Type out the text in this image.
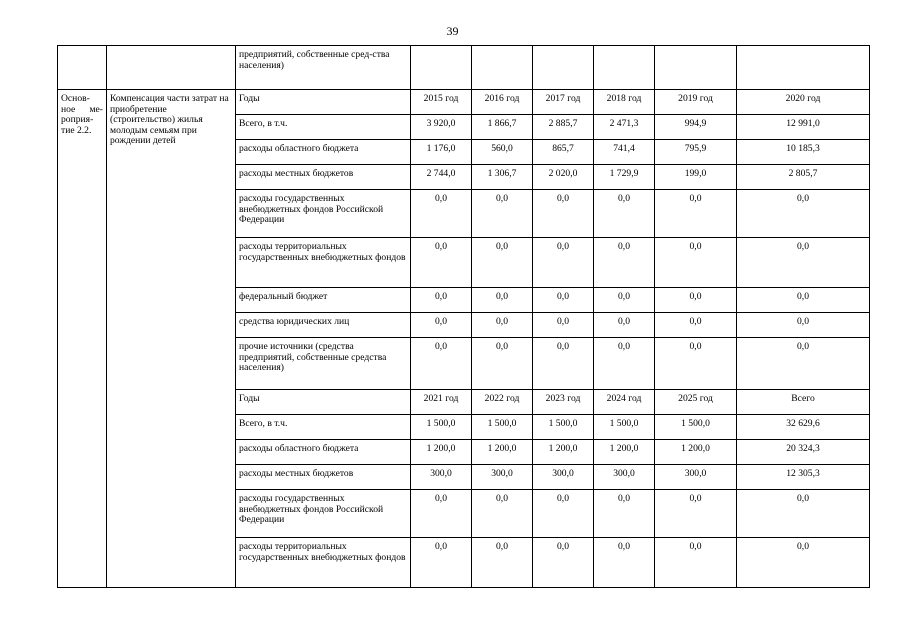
39
		предприятий, собственные сред-ства населения)						
Основ-ное ме-роприя-тие 2.2.	Компенсация части затрат на приобретение (строительство) жилья молодым семьям при рождении детей	Годы	2015 год	2016 год	2017 год	2018 год	2019 год	2020 год
		Всего, в т.ч.	3 920,0	1 866,7	2 885,7	2 471,3	994,9	12 991,0
		расходы областного бюджета	1 176,0	560,0	865,7	741,4	795,9	10 185,3
		расходы местных бюджетов	2 744,0	1 306,7	2 020,0	1 729,9	199,0	2 805,7
		расходы государственных внебюджетных фондов Российской Федерации	0,0	0,0	0,0	0,0	0,0	0,0
		расходы территориальных государственных внебюджетных фондов	0,0	0,0	0,0	0,0	0,0	0,0
		федеральный бюджет	0,0	0,0	0,0	0,0	0,0	0,0
		средства юридических лиц	0,0	0,0	0,0	0,0	0,0	0,0
		прочие источники (средства предприятий, собственные средства населения)	0,0	0,0	0,0	0,0	0,0	0,0
		Годы	2021 год	2022 год	2023 год	2024 год	2025 год	Всего
		Всего, в т.ч.	1 500,0	1 500,0	1 500,0	1 500,0	1 500,0	32 629,6
		расходы областного бюджета	1 200,0	1 200,0	1 200,0	1 200,0	1 200,0	20 324,3
		расходы местных бюджетов	300,0	300,0	300,0	300,0	300,0	12 305,3
		расходы государственных внебюджетных фондов Российской Федерации	0,0	0,0	0,0	0,0	0,0	0,0
		расходы территориальных государственных внебюджетных фондов	0,0	0,0	0,0	0,0	0,0	0,0
